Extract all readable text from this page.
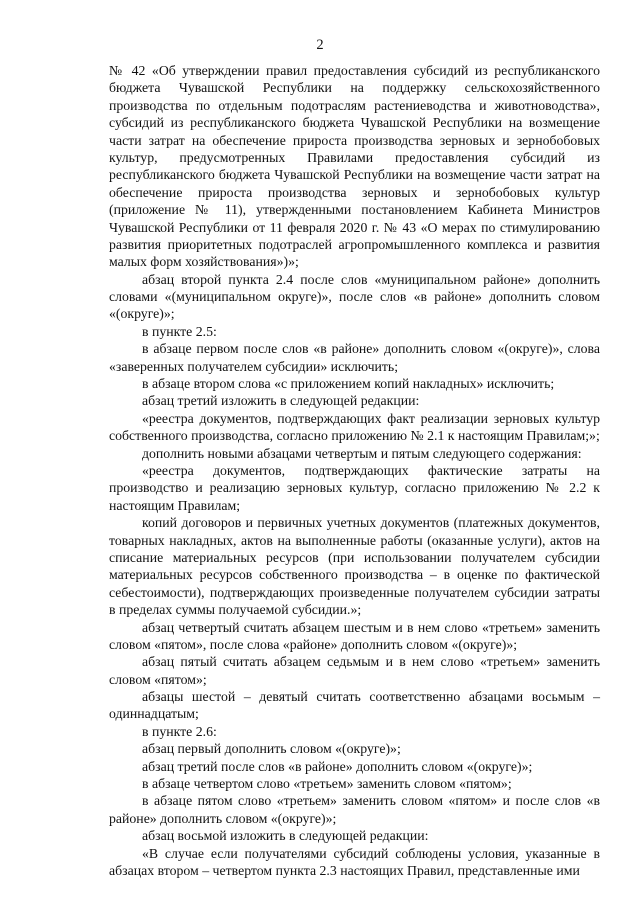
2

№ 42 «Об утверждении правил предоставления субсидий из республиканского бюджета Чувашской Республики на поддержку сельскохозяйственного производства по отдельным подотраслям растениеводства и животноводства», субсидий из республиканского бюджета Чувашской Республики на возмещение части затрат на обеспечение прироста производства зерновых и зернобобовых культур, предусмотренных Правилами предоставления субсидий из республиканского бюджета Чувашской Республики на возмещение части затрат на обеспечение прироста производства зерновых и зернобобовых культур (приложение № 11), утвержденными постановлением Кабинета Министров Чувашской Республики от 11 февраля 2020 г. № 43 «О мерах по стимулированию развития приоритетных подотраслей агропромышленного комплекса и развития малых форм хозяйствования»)»;

абзац второй пункта 2.4 после слов «муниципальном районе» дополнить словами «(муниципальном округе)», после слов «в районе» дополнить словом «(округе)»;

в пункте 2.5:

в абзаце первом после слов «в районе» дополнить словом «(округе)», слова «заверенных получателем субсидии» исключить;

в абзаце втором слова «с приложением копий накладных» исключить;

абзац третий изложить в следующей редакции:

«реестра документов, подтверждающих факт реализации зерновых культур собственного производства, согласно приложению № 2.1 к настоящим Правилам;»;

дополнить новыми абзацами четвертым и пятым следующего содержания:

«реестра документов, подтверждающих фактические затраты на производство и реализацию зерновых культур, согласно приложению № 2.2 к настоящим Правилам;

копий договоров и первичных учетных документов (платежных документов, товарных накладных, актов на выполненные работы (оказанные услуги), актов на списание материальных ресурсов (при использовании получателем субсидии материальных ресурсов собственного производства – в оценке по фактической себестоимости), подтверждающих произведенные получателем субсидии затраты в пределах суммы получаемой субсидии.»;

абзац четвертый считать абзацем шестым и в нем слово «третьем» заменить словом «пятом», после слова «районе» дополнить словом «(округе)»;

абзац пятый считать абзацем седьмым и в нем слово «третьем» заменить словом «пятом»;

абзацы шестой – девятый считать соответственно абзацами восьмым – одиннадцатым;

в пункте 2.6:

абзац первый дополнить словом «(округе)»;

абзац третий после слов «в районе» дополнить словом «(округе)»;

в абзаце четвертом слово «третьем» заменить словом «пятом»;

в абзаце пятом слово «третьем» заменить словом «пятом» и после слов «в районе» дополнить словом «(округе)»;

абзац восьмой изложить в следующей редакции:

«В случае если получателями субсидий соблюдены условия, указанные в абзацах втором – четвертом пункта 2.3 настоящих Правил, представленные ими
